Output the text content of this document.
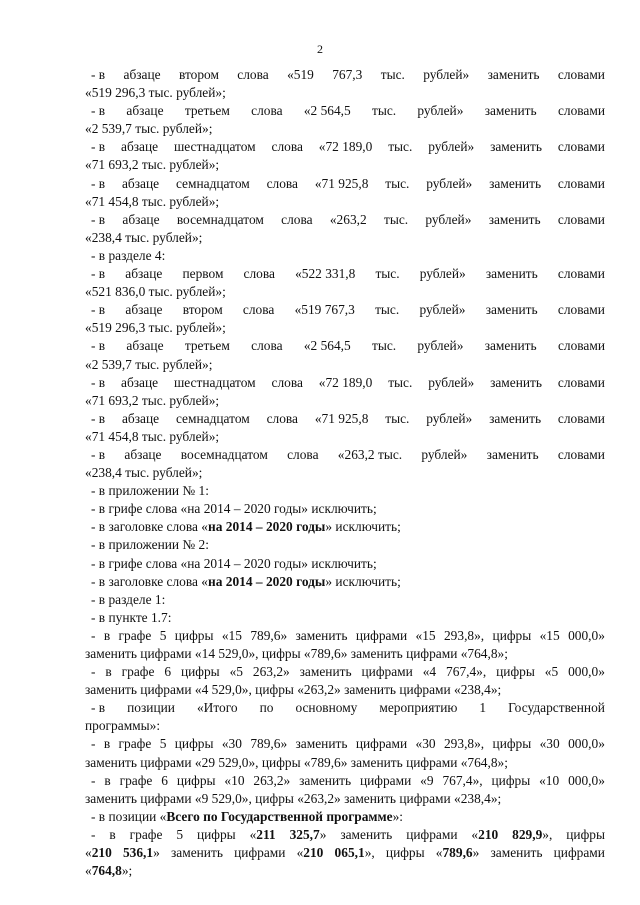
2
- в абзаце втором слова «519 767,3 тыс. рублей» заменить словами
«519 296,3 тыс. рублей»;
- в абзаце третьем слова «2 564,5 тыс. рублей» заменить словами
«2 539,7 тыс. рублей»;
- в абзаце шестнадцатом слова «72 189,0 тыс. рублей» заменить словами
«71 693,2 тыс. рублей»;
- в абзаце семнадцатом слова «71 925,8 тыс. рублей» заменить словами
«71 454,8 тыс. рублей»;
- в абзаце восемнадцатом слова «263,2 тыс. рублей» заменить словами
«238,4 тыс. рублей»;
- в разделе 4:
- в абзаце первом слова «522 331,8 тыс. рублей» заменить словами
«521 836,0 тыс. рублей»;
- в абзаце втором слова «519 767,3 тыс. рублей» заменить словами
«519 296,3 тыс. рублей»;
- в абзаце третьем слова «2 564,5 тыс. рублей» заменить словами
«2 539,7 тыс. рублей»;
- в абзаце шестнадцатом слова «72 189,0 тыс. рублей» заменить словами
«71 693,2 тыс. рублей»;
- в абзаце семнадцатом слова «71 925,8 тыс. рублей» заменить словами
«71 454,8 тыс. рублей»;
- в абзаце восемнадцатом слова «263,2 тыс. рублей» заменить словами
«238,4 тыс. рублей»;
- в приложении № 1:
- в грифе слова «на 2014 – 2020 годы» исключить;
- в заголовке слова «на 2014 – 2020 годы» исключить;
- в приложении № 2:
- в грифе слова «на 2014 – 2020 годы» исключить;
- в заголовке слова «на 2014 – 2020 годы» исключить;
- в разделе 1:
- в пункте 1.7:
- в графе 5 цифры «15 789,6» заменить цифрами «15 293,8», цифры «15 000,0»
заменить цифрами «14 529,0», цифры «789,6» заменить цифрами «764,8»;
- в графе 6 цифры «5 263,2» заменить цифрами «4 767,4», цифры «5 000,0»
заменить цифрами «4 529,0», цифры «263,2» заменить цифрами «238,4»;
- в позиции «Итого по основному мероприятию 1 Государственной
программы»:
- в графе 5 цифры «30 789,6» заменить цифрами «30 293,8», цифры «30 000,0»
заменить цифрами «29 529,0», цифры «789,6» заменить цифрами «764,8»;
- в графе 6 цифры «10 263,2» заменить цифрами «9 767,4», цифры «10 000,0»
заменить цифрами «9 529,0», цифры «263,2» заменить цифрами «238,4»;
- в позиции «Всего по Государственной программе»:
- в графе 5 цифры «211 325,7» заменить цифрами «210 829,9», цифры
«210 536,1» заменить цифрами «210 065,1», цифры «789,6» заменить цифрами
«764,8»;
